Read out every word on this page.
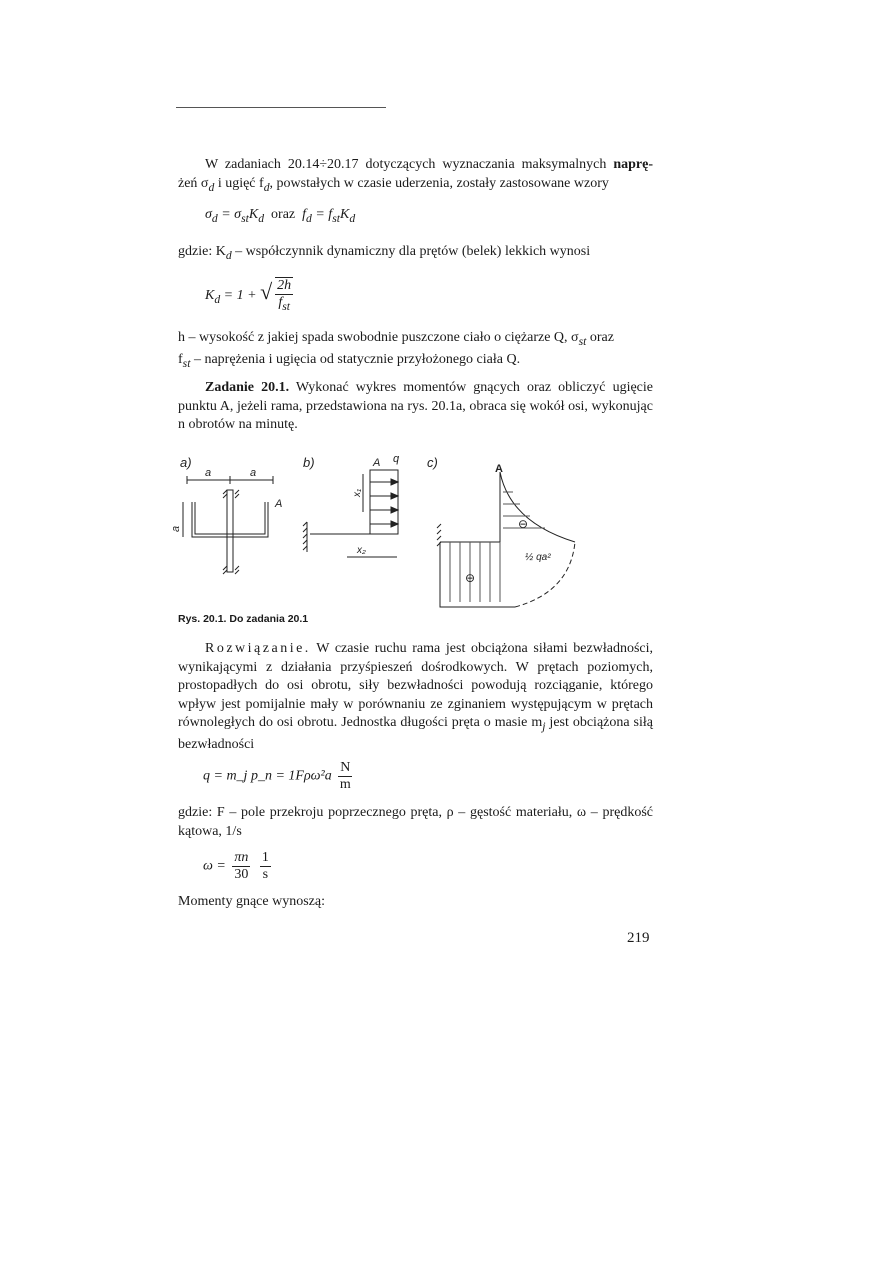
W zadaniach 20.14÷20.17 dotyczących wyznaczania maksymalnych naprę- żeń $\sigma_d$ i ugięć $f_d$, powstałych w czasie uderzenia, zostały zastosowane wzory
$\sigma_d = \sigma_{st}K_d$ oraz  $f_d = f_{st}K_d$
gdzie: $K_d$ – współczynnik dynamiczny dla prętów (belek) lekkich wynosi
$K_d = 1$ + √ $\frac{2h}{f_{st}}$
h – wysokość z jakiej spada swobodnie puszczone ciało o ciężarze Q, $\sigma_{st}$ oraz
$f_{st}$ – naprężenia i ugięcia od statycznie przyłożonego ciała Q.
Zadanie 20.1. Wykonać wykres momentów gnących oraz obliczyć ugięcie punktu A, jeżeli rama, przedstawiona na rys. 20.1a, obraca się wokół osi, wykonując n obrotów na minutę.
a)
a	a
A
a
b)	A q
x₁
x₂
c)	A
⊖
⊖
½ qa²
Rys. 20.1. Do zadania 20.1
Rozwiązanie. W czasie ruchu rama jest obciążona siłami bezwładności, wynikającymi z działania przyśpieszeń dośrodkowych. W prętach poziomych, prostopadłych do osi obrotu, siły bezwładności powodują rozciąganie, którego wpływ jest pomijalnie mały w porównaniu ze zginaniem występującym w prętach równoległych do osi obrotu. Jednostka długości pręta o masie $m_j$ jest obciążona siłą bezwładności
q = m_j p_n = $1F\rho\omega^2a \frac{N}{m}$
gdzie: F – pole przekroju poprzecznego pręta, ρ – gęstość materiału, ω – prędkość kątowa, 1/s
$\omega = \frac{\pi n}{30}$
$\frac{1}{s}$
Momenty gnące wynoszą:
219
